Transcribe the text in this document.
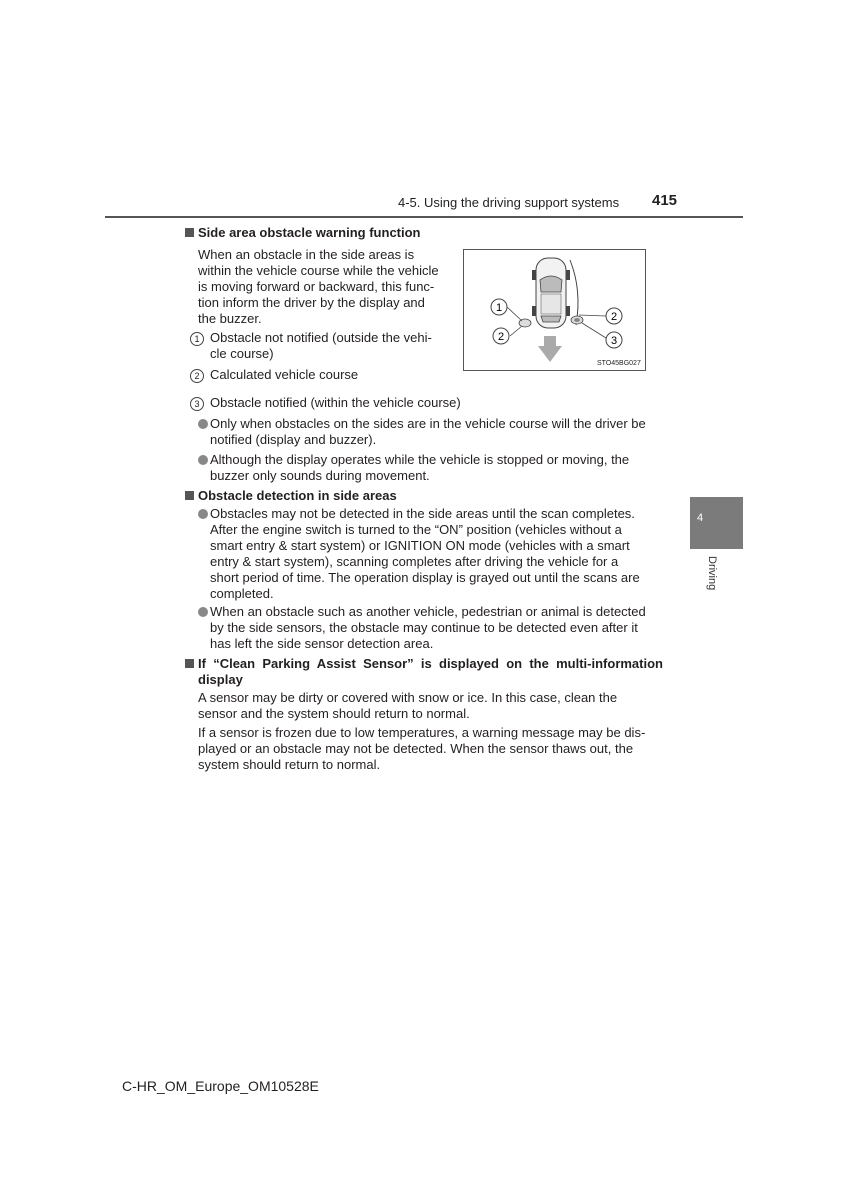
4-5. Using the driving support systems 415
4
Driving
Side area obstacle warning function
When an obstacle in the side areas is
within the vehicle course while the vehicle
is moving forward or backward, this func-
tion inform the driver by the display and
the buzzer.
1 Obstacle not notified (outside the vehi-
cle course)
2 Calculated vehicle course
3 Obstacle notified (within the vehicle course)
Only when obstacles on the sides are in the vehicle course will the driver be
notified (display and buzzer).
Although the display operates while the vehicle is stopped or moving, the
buzzer only sounds during movement.
1
2
2
3
STO45BG027
Obstacle detection in side areas
Obstacles may not be detected in the side areas until the scan completes.
After the engine switch is turned to the “ON” position (vehicles without a
smart entry & start system) or IGNITION ON mode (vehicles with a smart
entry & start system), scanning completes after driving the vehicle for a
short period of time. The operation display is grayed out until the scans are
completed.
When an obstacle such as another vehicle, pedestrian or animal is detected
by the side sensors, the obstacle may continue to be detected even after it
has left the side sensor detection area.
If “Clean Parking Assist Sensor” is displayed on the multi-information
display
A sensor may be dirty or covered with snow or ice. In this case, clean the
sensor and the system should return to normal.
If a sensor is frozen due to low temperatures, a warning message may be dis-
played or an obstacle may not be detected. When the sensor thaws out, the
system should return to normal.
C-HR_OM_Europe_OM10528E
